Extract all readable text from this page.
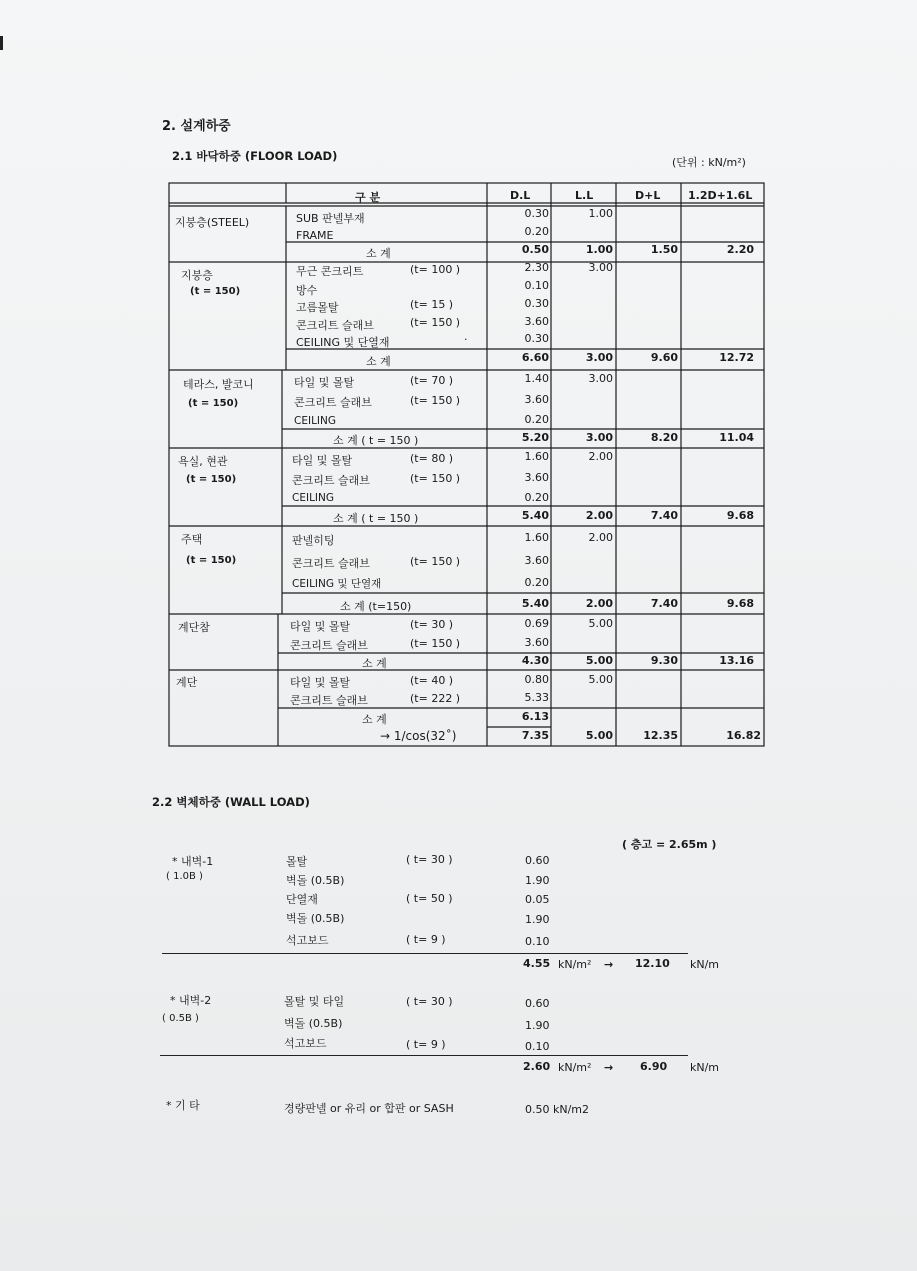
2. 설계하중
2.1 바닥하중 (FLOOR LOAD)	(단위 : kN/m²)
구 분	D.L	L.L	D+L	1.2D+1.6L
지붕층(STEEL)	SUB 판넬부재	0.30	1.00
FRAME	0.20
소 계	0.50	1.00	1.50	2.20
지붕층
(t = 150)
무근 콘크리트	(t= 100 )	2.30	3.00
방수	0.10
고름몰탈	(t= 15 )	0.30
콘크리트 슬래브	(t= 150 )	3.60
CEILING 및 단열재	.	0.30
소 계	6.60	3.00	9.60	12.72
테라스, 발코니
(t = 150)
타일 및 몰탈	(t= 70 )	1.40	3.00
콘크리트 슬래브	(t= 150 )	3.60
CEILING	0.20
소 계 ( t = 150 )	5.20	3.00	8.20	11.04
욕실, 현관
(t = 150)
타일 및 몰탈	(t= 80 )	1.60	2.00
콘크리트 슬래브	(t= 150 )	3.60
CEILING	0.20
소 계 ( t = 150 )	5.40	2.00	7.40	9.68
주택
(t = 150)
판넬히팅	1.60	2.00
콘크리트 슬래브	(t= 150 )	3.60
CEILING 및 단열재	0.20
소 계 (t=150)	5.40	2.00	7.40	9.68
계단참	타일 및 몰탈	(t= 30 )	0.69	5.00
콘크리트 슬래브	(t= 150 )	3.60
소 계	4.30	5.00	9.30	13.16
계단	타일 및 몰탈	(t= 40 )	0.80	5.00
콘크리트 슬래브	(t= 222 )	5.33
소 계	6.13
→ 1/cos(32˚)	7.35	5.00	12.35	16.82
2.2 벽체하중 (WALL LOAD)
( 층고 = 2.65m )
* 내벽-1
( 1.0B )
몰탈	( t= 30 )	0.60
벽돌 (0.5B)	1.90
단열재	( t= 50 )	0.05
벽돌 (0.5B)	1.90
석고보드	( t= 9 )	0.10
4.55 kN/m² → 12.10 kN/m
* 내벽-2
( 0.5B )
몰탈 및 타일	( t= 30 )	0.60
벽돌 (0.5B)	1.90
석고보드	( t= 9 )	0.10
2.60 kN/m² → 6.90 kN/m
* 기 타	경량판넬 or 유리 or 합판 or SASH	0.50 kN/m2
